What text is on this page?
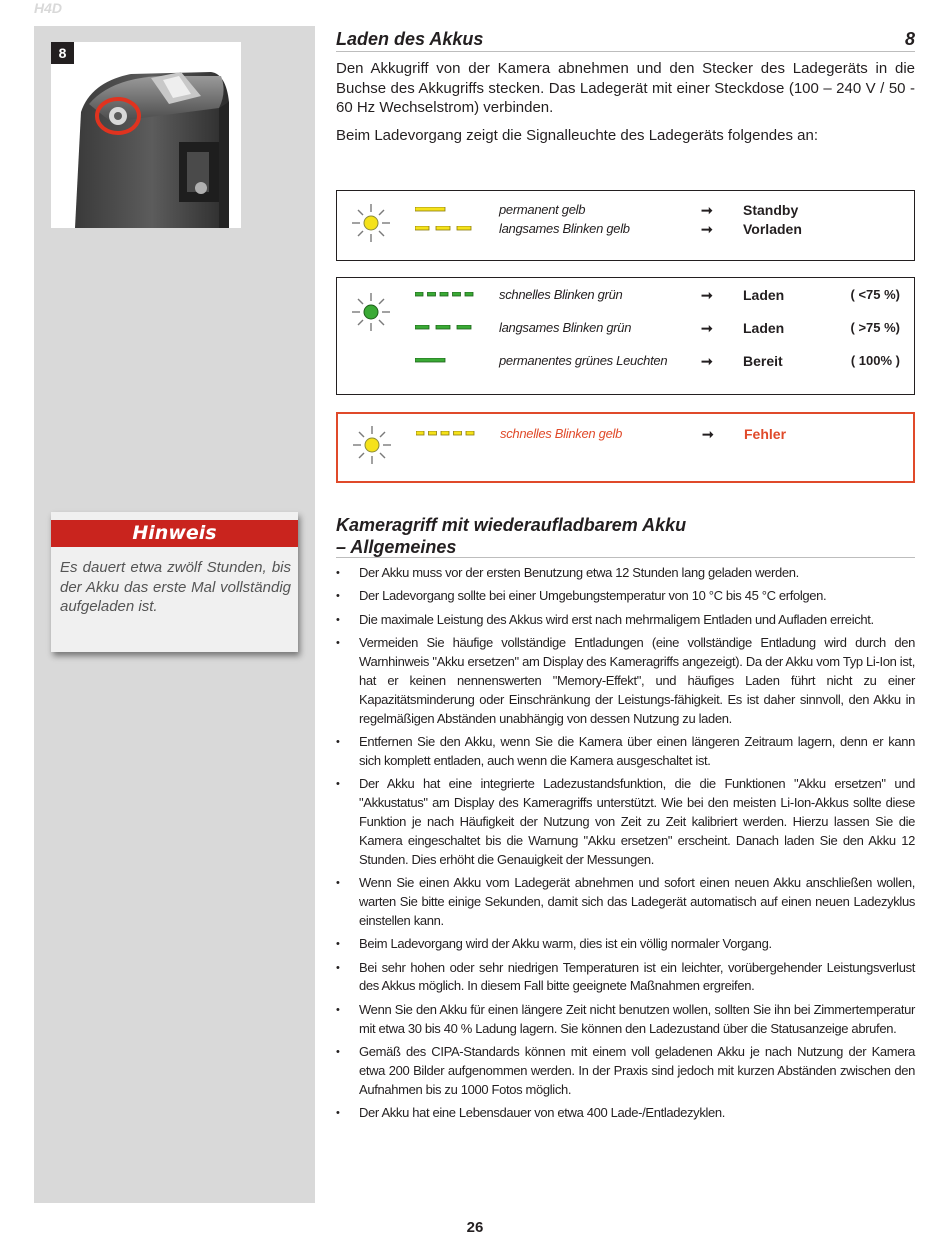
H4D
8
Hinweis
Es dauert etwa zwölf Stunden, bis der Akku das erste Mal vollständig aufgeladen ist.
Laden des Akkus	8
Den Akkugriff von der Kamera abnehmen und den Stecker des Ladegeräts in die Buchse des Akkugriffs stecken. Das Ladegerät mit einer Steckdose (100 – 240 V / 50 - 60 Hz Wechselstrom) verbinden.
Beim Ladevorgang zeigt die Signalleuchte des Ladegeräts folgendes an:
permanent gelb	➞ Standby
langsames Blinken gelb	➞ Vorladen
schnelles Blinken grün	➞ Laden	( <75 %)
langsames Blinken grün	➞ Laden	( >75 %)
permanentes grünes Leuchten ➞ Bereit	( 100% )
schnelles Blinken gelb	➞ Fehler
Kameragriff mit wiederaufladbarem Akku
– Allgemeines
• Der Akku muss vor der ersten Benutzung etwa 12 Stunden lang geladen werden.
• Der Ladevorgang sollte bei einer Umgebungstemperatur von 10 °C bis 45 °C erfolgen.
• Die maximale Leistung des Akkus wird erst nach mehrmaligem Entladen und Aufladen erreicht.
• Vermeiden Sie häufige vollständige Entladungen (eine vollständige Entladung wird durch den Warnhinweis "Akku ersetzen" am Display des Kameragriffs angezeigt). Da der Akku vom Typ Li-Ion ist, hat er keinen nennenswerten "Memory-Effekt", und häufiges Laden führt nicht zu einer Kapazitätsminderung oder Einschränkung der Leistungs-fähigkeit. Es ist daher sinnvoll, den Akku in regelmäßigen Abständen unabhängig von dessen Nutzung zu laden.
• Entfernen Sie den Akku, wenn Sie die Kamera über einen längeren Zeitraum lagern, denn er kann sich komplett entladen, auch wenn die Kamera ausgeschaltet ist.
• Der Akku hat eine integrierte Ladezustandsfunktion, die die Funktionen "Akku ersetzen" und "Akkustatus" am Display des Kameragriffs unterstützt. Wie bei den meisten Li-Ion-Akkus sollte diese Funktion je nach Häufigkeit der Nutzung von Zeit zu Zeit kalibriert werden. Hierzu lassen Sie die Kamera eingeschaltet bis die Warnung "Akku ersetzen" erscheint. Danach laden Sie den Akku 12 Stunden. Dies erhöht die Genauigkeit der Messungen.
• Wenn Sie einen Akku vom Ladegerät abnehmen und sofort einen neuen Akku anschließen wollen, warten Sie bitte einige Sekunden, damit sich das Ladegerät automatisch auf einen neuen Ladezyklus einstellen kann.
• Beim Ladevorgang wird der Akku warm, dies ist ein völlig normaler Vorgang.
• Bei sehr hohen oder sehr niedrigen Temperaturen ist ein leichter, vorübergehender Leistungsverlust des Akkus möglich. In diesem Fall bitte geeignete Maßnahmen ergreifen.
• Wenn Sie den Akku für einen längere Zeit nicht benutzen wollen, sollten Sie ihn bei Zimmertemperatur mit etwa 30 bis 40 % Ladung lagern. Sie können den Ladezustand über die Statusanzeige abrufen.
• Gemäß des CIPA-Standards können mit einem voll geladenen Akku je nach Nutzung der Kamera etwa 200 Bilder aufgenommen werden. In der Praxis sind jedoch mit kurzen Abständen zwischen den Aufnahmen bis zu 1000 Fotos möglich.
• Der Akku hat eine Lebensdauer von etwa 400 Lade-/Entladezyklen.
26
